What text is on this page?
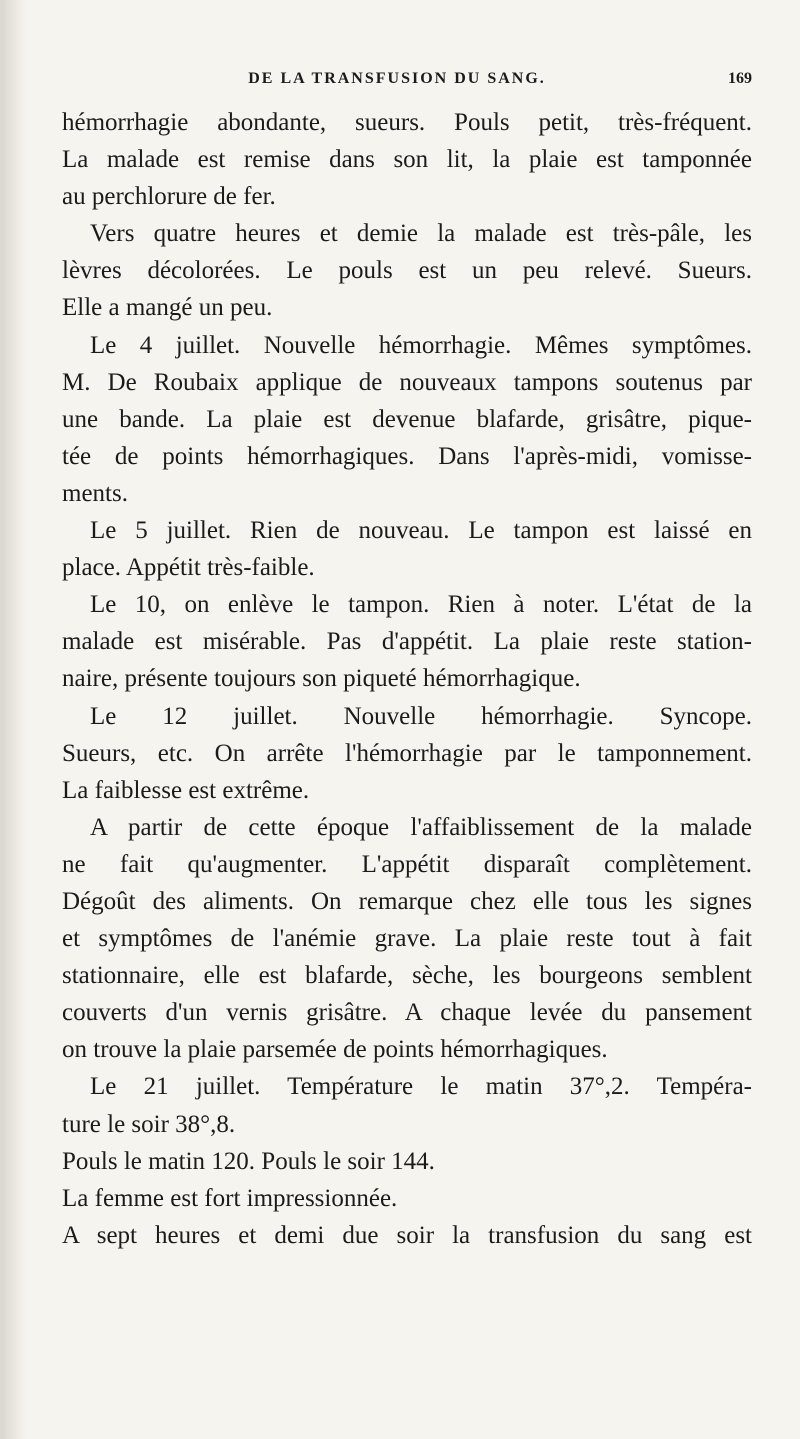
DE LA TRANSFUSION DU SANG.	169
hémorrhagie abondante, sueurs. Pouls petit, très-fréquent.
La malade est remise dans son lit, la plaie est tamponnée
au perchlorure de fer.
Vers quatre heures et demie la malade est très-pâle, les
lèvres décolorées. Le pouls est un peu relevé. Sueurs.
Elle a mangé un peu.
Le 4 juillet. Nouvelle hémorrhagie. Mêmes symptômes.
M. De Roubaix applique de nouveaux tampons soutenus par
une bande. La plaie est devenue blafarde, grisâtre, pique-
tée de points hémorrhagiques. Dans l'après-midi, vomisse-
ments.
Le 5 juillet. Rien de nouveau. Le tampon est laissé en
place. Appétit très-faible.
Le 10, on enlève le tampon. Rien à noter. L'état de la
malade est misérable. Pas d'appétit. La plaie reste station-
naire, présente toujours son piqueté hémorrhagique.
Le 12 juillet. Nouvelle hémorrhagie. Syncope.
Sueurs, etc. On arrête l'hémorrhagie par le tamponnement.
La faiblesse est extrême.
A partir de cette époque l'affaiblissement de la malade
ne fait qu'augmenter. L'appétit disparaît complètement.
Dégoût des aliments. On remarque chez elle tous les signes
et symptômes de l'anémie grave. La plaie reste tout à fait
stationnaire, elle est blafarde, sèche, les bourgeons semblent
couverts d'un vernis grisâtre. A chaque levée du pansement
on trouve la plaie parsemée de points hémorrhagiques.
Le 21 juillet. Température le matin 37°,2. Tempéra-
ture le soir 38°,8.
Pouls le matin 120. Pouls le soir 144.
La femme est fort impressionnée.
A sept heures et demi due soir la transfusion du sang est
